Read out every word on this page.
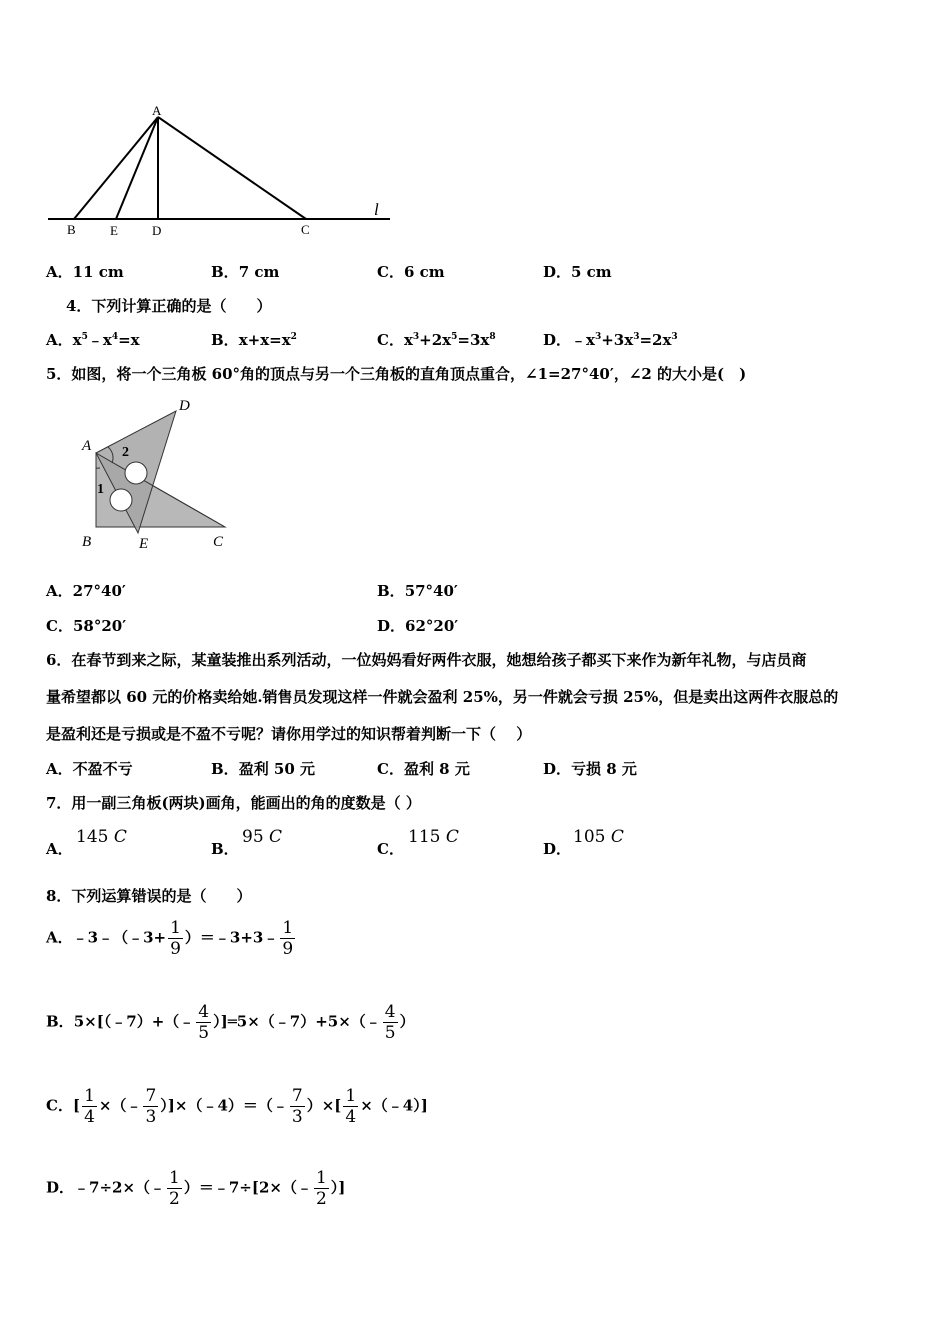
A
B	E	D	C
l
A．11 cm	B．7 cm	C．6 cm	D．5 cm
4．下列计算正确的是（　　）
A．$x^5﹣x^4=x$	B．$x+x=x^2$	C．$x^3+2x^5=3x^8$	D．$﹣x^3+3x^3=2x^3$
5．如图，将一个三角板 60°角的顶点与另一个三角板的直角顶点重合，∠1=27°40′，∠2 的大小是(　)
A
D
B	E	C
2
1
A．27°40′	B．57°40′
C．58°20′	D．62°20′
6．在春节到来之际，某童装推出系列活动，一位妈妈看好两件衣服，她想给孩子都买下来作为新年礼物，与店员商
量希望都以 60 元的价格卖给她.销售员发现这样一件就会盈利 25%，另一件就会亏损 25%，但是卖出这两件衣服总的
是盈利还是亏损或是不盈不亏呢？请你用学过的知识帮着判断一下（　 ）
A．不盈不亏	B．盈利 50 元	C．盈利 8 元	D．亏损 8 元
7．用一副三角板(两块)画角，能画出的角的度数是（ ）
A．
145 C
B．
95 C
C．
115 C
D．
105 C
8．下列运算错误的是（　　）
A．﹣3﹣（﹣3+ $\frac{1}{9}$ ）＝﹣3+3﹣ $\frac{1}{9}$
B．5×[（﹣7）+（﹣ $\frac{4}{5}$ ）]═5×（﹣7）+5×（﹣ $\frac{4}{5}$ ）
C．[ $\frac{1}{4}$ ×（﹣ $\frac{7}{3}$ ）]×（﹣4）＝（﹣ $\frac{7}{3}$ ）×[ $\frac{1}{4}$ ×（﹣4）]
D．﹣7÷2×（﹣ $\frac{1}{2}$ ）＝﹣7÷[2×（﹣ $\frac{1}{2}$ ）]
